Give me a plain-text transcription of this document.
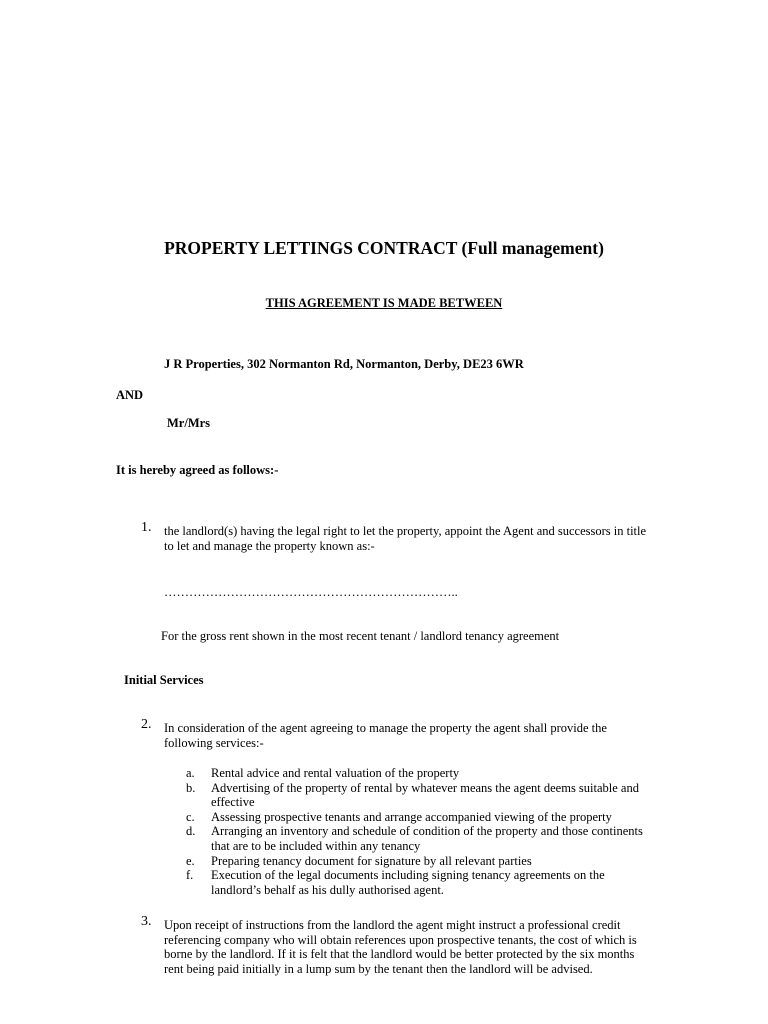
PROPERTY LETTINGS CONTRACT (Full management)
THIS AGREEMENT IS MADE BETWEEN
J R Properties, 302 Normanton Rd, Normanton, Derby, DE23 6WR
AND
Mr/Mrs
It is hereby agreed as follows:-
1. the landlord(s) having the legal right to let the property, appoint the Agent and successors in title to let and manage the property known as:-
……………………………………………………………..
For the gross rent shown in the most recent tenant / landlord tenancy agreement
Initial Services
2. In consideration of the agent agreeing to manage the property the agent shall provide the following services:-
a. Rental advice and rental valuation of the property
b. Advertising of the property of rental by whatever means the agent deems suitable and effective
c. Assessing prospective tenants and arrange accompanied viewing of the property
d. Arranging an inventory and schedule of condition of the property and those continents that are to be included within any tenancy
e. Preparing tenancy document for signature by all relevant parties
f. Execution of the legal documents including signing tenancy agreements on the landlord’s behalf as his dully authorised agent.
3. Upon receipt of instructions from the landlord the agent might instruct a professional credit referencing company who will obtain references upon prospective tenants, the cost of which is borne by the landlord. If it is felt that the landlord would be better protected by the six months rent being paid initially in a lump sum by the tenant then the landlord will be advised.
